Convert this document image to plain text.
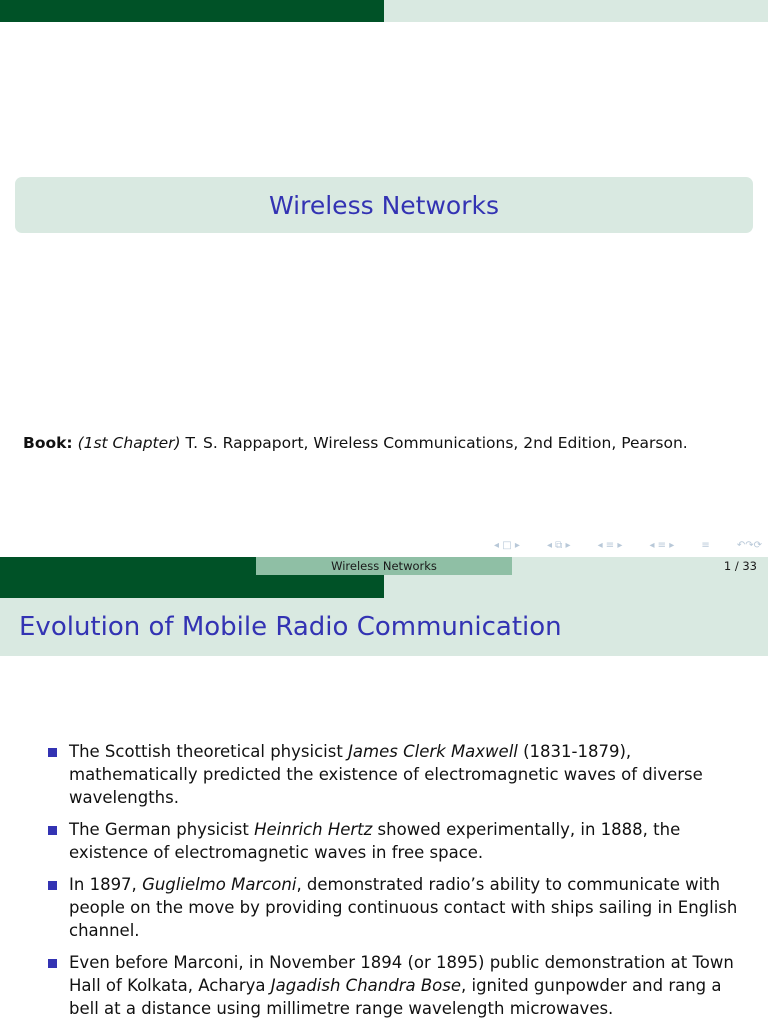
Wireless Networks
Book: (1st Chapter) T. S. Rappaport, Wireless Communications, 2nd Edition, Pearson.
◂ □ ▸	◂ ⧉ ▸	◂ ≡ ▸	◂ ≡ ▸	≡	↶↷⟳
Wireless Networks	1 / 33
Evolution of Mobile Radio Communication
The Scottish theoretical physicist James Clerk Maxwell (1831-1879), mathematically predicted the existence of electromagnetic waves of diverse wavelengths.
The German physicist Heinrich Hertz showed experimentally, in 1888, the existence of electromagnetic waves in free space.
In 1897, Guglielmo Marconi, demonstrated radio’s ability to communicate with people on the move by providing continuous contact with ships sailing in English channel.
Even before Marconi, in November 1894 (or 1895) public demonstration at Town Hall of Kolkata, Acharya Jagadish Chandra Bose, ignited gunpowder and rang a bell at a distance using millimetre range wavelength microwaves.
